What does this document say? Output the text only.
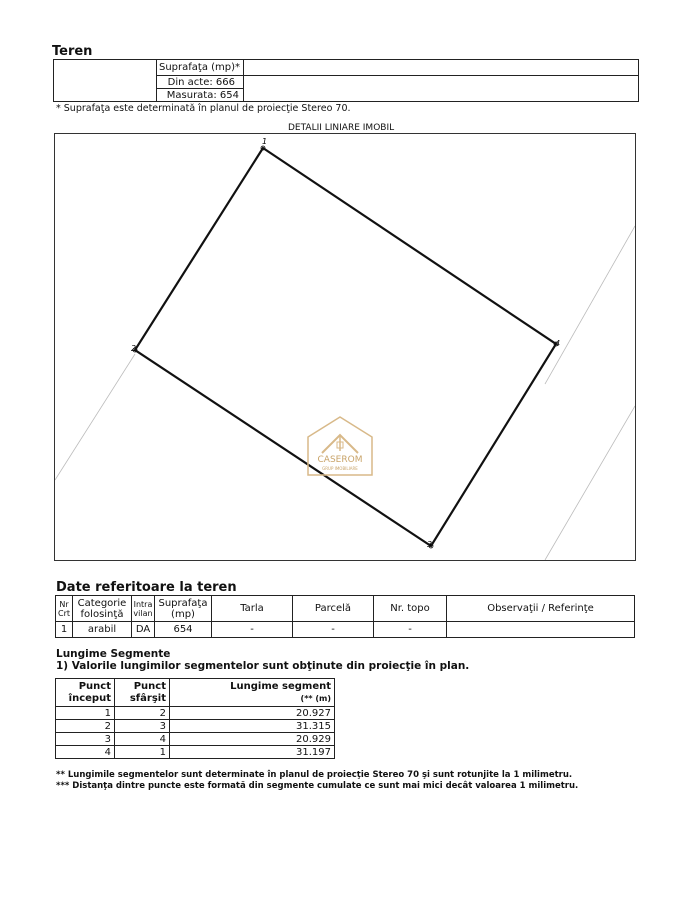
Teren
	Suprafaţa (mp)*	
	Din acte: 666	
	Masurata: 654	
* Suprafaţa este determinată în planul de proiecţie Stereo 70.
DETALII LINIARE IMOBIL
1
2
3
4
CASEROM
GRUP IMOBILIARE
Date referitoare la teren
Nr Crt	Categorie folosinţă	Intra vilan	Suprafaţa (mp)	Tarla	Parcelă	Nr. topo	Observaţii / Referinţe
1	arabil	DA	654	-	-	-	
Lungime Segmente
1) Valorile lungimilor segmentelor sunt obţinute din proiecţie în plan.
Punct început	Punct sfârşit	Lungime segment
(** (m)
1	2	20.927
2	3	31.315
3	4	20.929
4	1	31.197
** Lungimile segmentelor sunt determinate în planul de proiecţie Stereo 70 şi sunt rotunjite la 1 milimetru.
*** Distanţa dintre puncte este formată din segmente cumulate ce sunt mai mici decât valoarea 1 milimetru.
